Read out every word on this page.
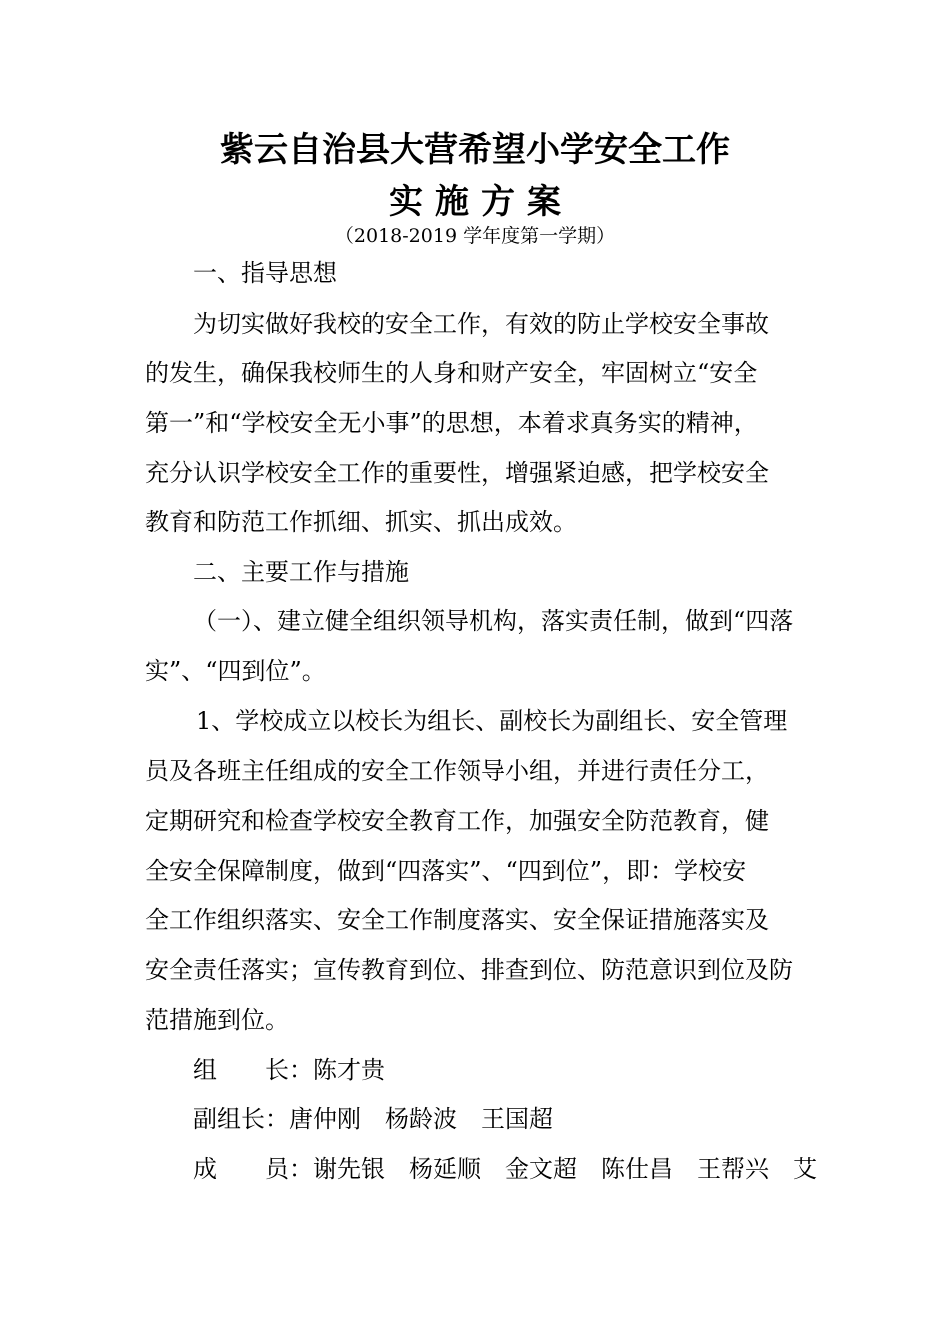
紫云自治县大营希望小学安全工作
实施方案
（2018-2019 学年度第一学期）
一、指导思想
为切实做好我校的安全工作，有效的防止学校安全事故
的发生，确保我校师生的人身和财产安全，牢固树立“安全
第一”和“学校安全无小事”的思想，本着求真务实的精神，
充分认识学校安全工作的重要性，增强紧迫感，把学校安全
教育和防范工作抓细、抓实、抓出成效。
二、主要工作与措施
（一）、建立健全组织领导机构，落实责任制，做到“四落
实”、“四到位”。
1、学校成立以校长为组长、副校长为副组长、安全管理
员及各班主任组成的安全工作领导小组，并进行责任分工，
定期研究和检查学校安全教育工作，加强安全防范教育，健
全安全保障制度，做到“四落实”、“四到位”，即：学校安
全工作组织落实、安全工作制度落实、安全保证措施落实及
安全责任落实；宣传教育到位、排查到位、防范意识到位及防
范措施到位。
组　　长：陈才贵
副组长：唐仲刚　杨龄波　王国超
成　　员：谢先银　杨延顺　金文超　陈仕昌　王帮兴　艾
